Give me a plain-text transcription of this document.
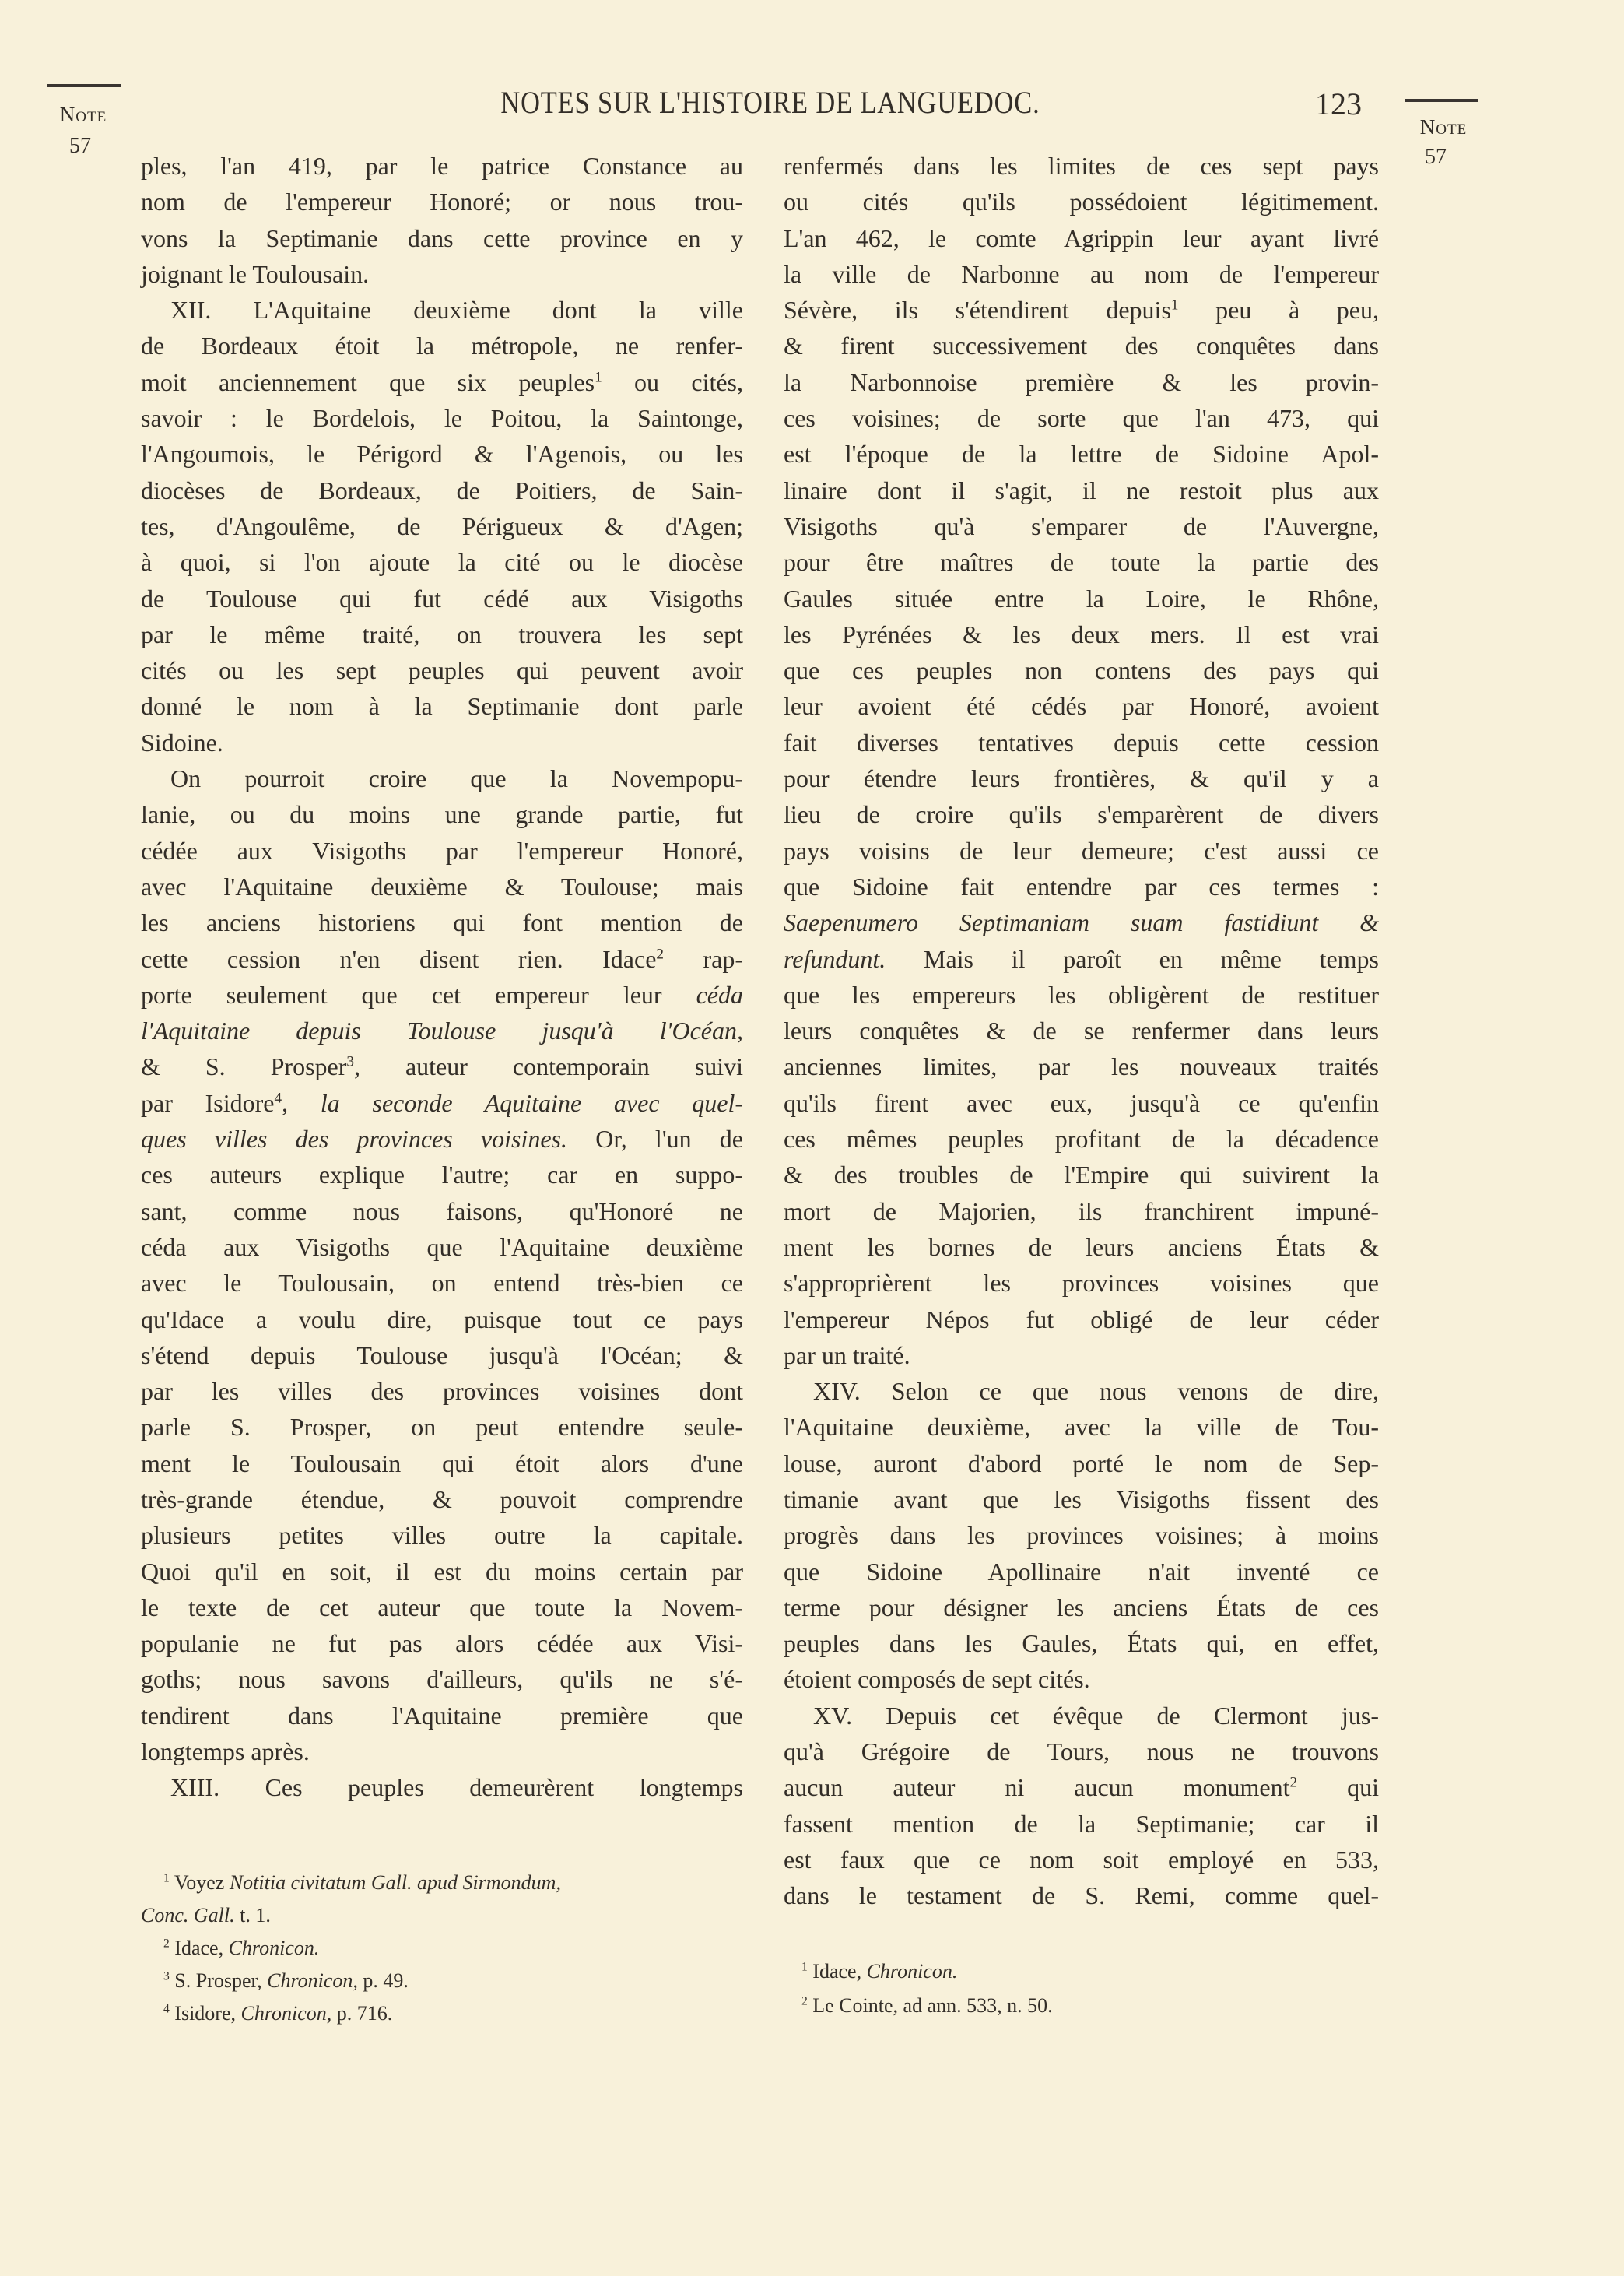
Note
57
NOTES SUR L'HISTOIRE DE LANGUEDOC.	123
Note
57
ples, l'an 419, par le patrice Constance au
nom de l'empereur Honoré; or nous trou-
vons la Septimanie dans cette province en y
joignant le Toulousain.
XII. L'Aquitaine deuxième dont la ville
de Bordeaux étoit la métropole, ne renfer-
moit anciennement que six peuples$^1$ ou cités,
savoir : le Bordelois, le Poitou, la Saintonge,
l'Angoumois, le Périgord & l'Agenois, ou les
diocèses de Bordeaux, de Poitiers, de Sain-
tes, d'Angoulême, de Périgueux & d'Agen;
à quoi, si l'on ajoute la cité ou le diocèse
de Toulouse qui fut cédé aux Visigoths
par le même traité, on trouvera les sept
cités ou les sept peuples qui peuvent avoir
donné le nom à la Septimanie dont parle
Sidoine.
On pourroit croire que la Novempopu-
lanie, ou du moins une grande partie, fut
cédée aux Visigoths par l'empereur Honoré,
avec l'Aquitaine deuxième & Toulouse; mais
les anciens historiens qui font mention de
cette cession n'en disent rien. Idace$^2$ rap-
porte seulement que cet empereur leur céda
l'Aquitaine depuis Toulouse jusqu'à l'Océan,
& S. Prosper$^3$, auteur contemporain suivi
par Isidore$^4$, la seconde Aquitaine avec quel-
ques villes des provinces voisines. Or, l'un de
ces auteurs explique l'autre; car en suppo-
sant, comme nous faisons, qu'Honoré ne
céda aux Visigoths que l'Aquitaine deuxième
avec le Toulousain, on entend très-bien ce
qu'Idace a voulu dire, puisque tout ce pays
s'étend depuis Toulouse jusqu'à l'Océan; &
par les villes des provinces voisines dont
parle S. Prosper, on peut entendre seule-
ment le Toulousain qui étoit alors d'une
très-grande étendue, & pouvoit comprendre
plusieurs petites villes outre la capitale.
Quoi qu'il en soit, il est du moins certain par
le texte de cet auteur que toute la Novem-
populanie ne fut pas alors cédée aux Visi-
goths; nous savons d'ailleurs, qu'ils ne s'é-
tendirent dans l'Aquitaine première que
longtemps après.
XIII. Ces peuples demeurèrent longtemps
renfermés dans les limites de ces sept pays
ou cités qu'ils possédoient légitimement.
L'an 462, le comte Agrippin leur ayant livré
la ville de Narbonne au nom de l'empereur
Sévère, ils s'étendirent depuis$^1$ peu à peu,
& firent successivement des conquêtes dans
la Narbonnoise première & les provin-
ces voisines; de sorte que l'an 473, qui
est l'époque de la lettre de Sidoine Apol-
linaire dont il s'agit, il ne restoit plus aux
Visigoths qu'à s'emparer de l'Auvergne,
pour être maîtres de toute la partie des
Gaules située entre la Loire, le Rhône,
les Pyrénées & les deux mers. Il est vrai
que ces peuples non contens des pays qui
leur avoient été cédés par Honoré, avoient
fait diverses tentatives depuis cette cession
pour étendre leurs frontières, & qu'il y a
lieu de croire qu'ils s'emparèrent de divers
pays voisins de leur demeure; c'est aussi ce
que Sidoine fait entendre par ces termes :
Saepenumero Septimaniam suam fastidiunt &
refundunt. Mais il paroît en même temps
que les empereurs les obligèrent de restituer
leurs conquêtes & de se renfermer dans leurs
anciennes limites, par les nouveaux traités
qu'ils firent avec eux, jusqu'à ce qu'enfin
ces mêmes peuples profitant de la décadence
& des troubles de l'Empire qui suivirent la
mort de Majorien, ils franchirent impuné-
ment les bornes de leurs anciens États &
s'approprièrent les provinces voisines que
l'empereur Népos fut obligé de leur céder
par un traité.
XIV. Selon ce que nous venons de dire,
l'Aquitaine deuxième, avec la ville de Tou-
louse, auront d'abord porté le nom de Sep-
timanie avant que les Visigoths fissent des
progrès dans les provinces voisines; à moins
que Sidoine Apollinaire n'ait inventé ce
terme pour désigner les anciens États de ces
peuples dans les Gaules, États qui, en effet,
étoient composés de sept cités.
XV. Depuis cet évêque de Clermont jus-
qu'à Grégoire de Tours, nous ne trouvons
aucun auteur ni aucun monument$^2$ qui
fassent mention de la Septimanie; car il
est faux que ce nom soit employé en 533,
dans le testament de S. Remi, comme quel-
$^1$ Voyez Notitia civitatum Gall. apud Sirmondum,
Conc. Gall. t. 1.
$^2$ Idace, Chronicon.
$^3$ S. Prosper, Chronicon, p. 49.
$^4$ Isidore, Chronicon, p. 716.
$^1$ Idace, Chronicon.
$^2$ Le Cointe, ad ann. 533, n. 50.
